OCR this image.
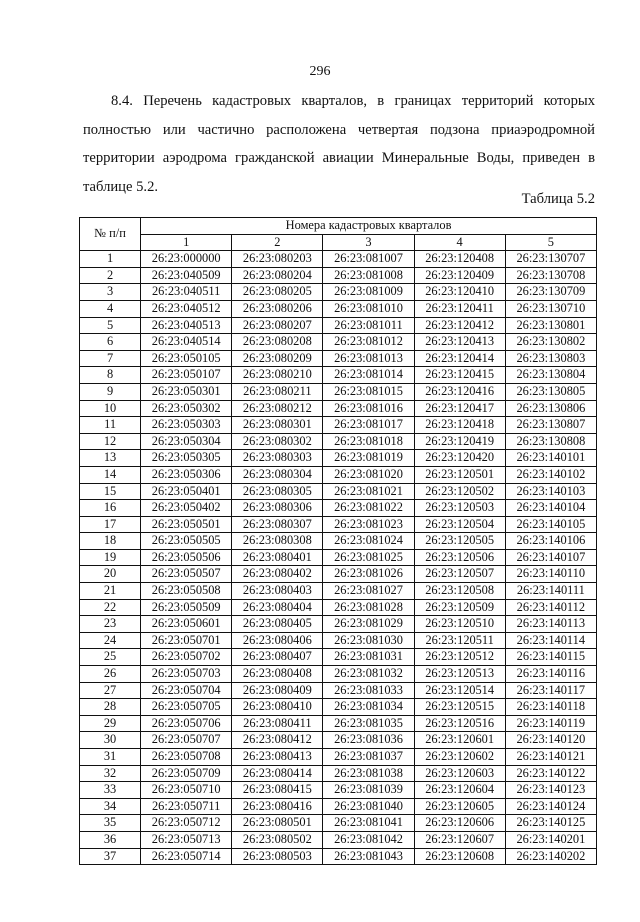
296

8.4. Перечень кадастровых кварталов, в границах территорий которых полностью или частично расположена четвертая подзона приаэродромной территории аэродрома гражданской авиации Минеральные Воды, приведен в таблице 5.2.

Таблица 5.2
№ п/п	Номера кадастровых кварталов				
	1	2	3	4	5
1	26:23:000000	26:23:080203	26:23:081007	26:23:120408	26:23:130707
2	26:23:040509	26:23:080204	26:23:081008	26:23:120409	26:23:130708
3	26:23:040511	26:23:080205	26:23:081009	26:23:120410	26:23:130709
4	26:23:040512	26:23:080206	26:23:081010	26:23:120411	26:23:130710
5	26:23:040513	26:23:080207	26:23:081011	26:23:120412	26:23:130801
6	26:23:040514	26:23:080208	26:23:081012	26:23:120413	26:23:130802
7	26:23:050105	26:23:080209	26:23:081013	26:23:120414	26:23:130803
8	26:23:050107	26:23:080210	26:23:081014	26:23:120415	26:23:130804
9	26:23:050301	26:23:080211	26:23:081015	26:23:120416	26:23:130805
10	26:23:050302	26:23:080212	26:23:081016	26:23:120417	26:23:130806
11	26:23:050303	26:23:080301	26:23:081017	26:23:120418	26:23:130807
12	26:23:050304	26:23:080302	26:23:081018	26:23:120419	26:23:130808
13	26:23:050305	26:23:080303	26:23:081019	26:23:120420	26:23:140101
14	26:23:050306	26:23:080304	26:23:081020	26:23:120501	26:23:140102
15	26:23:050401	26:23:080305	26:23:081021	26:23:120502	26:23:140103
16	26:23:050402	26:23:080306	26:23:081022	26:23:120503	26:23:140104
17	26:23:050501	26:23:080307	26:23:081023	26:23:120504	26:23:140105
18	26:23:050505	26:23:080308	26:23:081024	26:23:120505	26:23:140106
19	26:23:050506	26:23:080401	26:23:081025	26:23:120506	26:23:140107
20	26:23:050507	26:23:080402	26:23:081026	26:23:120507	26:23:140110
21	26:23:050508	26:23:080403	26:23:081027	26:23:120508	26:23:140111
22	26:23:050509	26:23:080404	26:23:081028	26:23:120509	26:23:140112
23	26:23:050601	26:23:080405	26:23:081029	26:23:120510	26:23:140113
24	26:23:050701	26:23:080406	26:23:081030	26:23:120511	26:23:140114
25	26:23:050702	26:23:080407	26:23:081031	26:23:120512	26:23:140115
26	26:23:050703	26:23:080408	26:23:081032	26:23:120513	26:23:140116
27	26:23:050704	26:23:080409	26:23:081033	26:23:120514	26:23:140117
28	26:23:050705	26:23:080410	26:23:081034	26:23:120515	26:23:140118
29	26:23:050706	26:23:080411	26:23:081035	26:23:120516	26:23:140119
30	26:23:050707	26:23:080412	26:23:081036	26:23:120601	26:23:140120
31	26:23:050708	26:23:080413	26:23:081037	26:23:120602	26:23:140121
32	26:23:050709	26:23:080414	26:23:081038	26:23:120603	26:23:140122
33	26:23:050710	26:23:080415	26:23:081039	26:23:120604	26:23:140123
34	26:23:050711	26:23:080416	26:23:081040	26:23:120605	26:23:140124
35	26:23:050712	26:23:080501	26:23:081041	26:23:120606	26:23:140125
36	26:23:050713	26:23:080502	26:23:081042	26:23:120607	26:23:140201
37	26:23:050714	26:23:080503	26:23:081043	26:23:120608	26:23:140202
